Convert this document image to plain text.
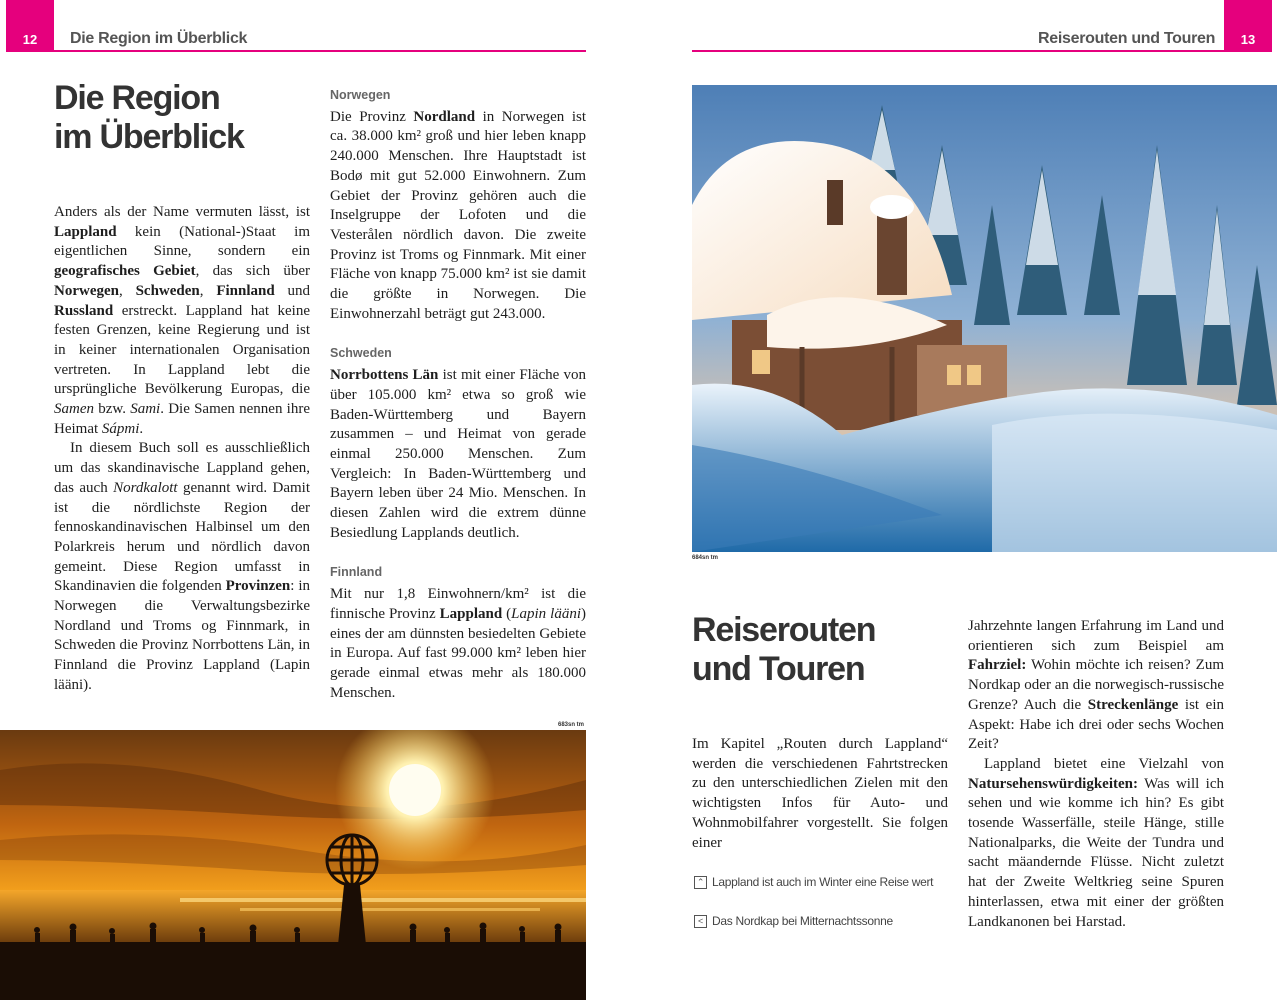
12	Die Region im Überblick
Die Region
im Überblick

Anders als der Name vermuten lässt, ist Lappland kein (National-)Staat im eigentlichen Sinne, sondern ein geografisches Gebiet, das sich über Norwegen, Schweden, Finnland und Russland erstreckt. Lappland hat keine festen Grenzen, keine Regierung und ist in keiner internationalen Organisation vertreten. In Lappland lebt die ursprüngliche Bevölkerung Europas, die Samen bzw. Sami. Die Samen nennen ihre Heimat Sápmi.

In diesem Buch soll es ausschließlich um das skandinavische Lappland gehen, das auch Nordkalott genannt wird. Damit ist die nördlichste Region der fennoskandinavischen Halbinsel um den Polarkreis herum und nördlich davon gemeint. Diese Region umfasst in Skandinavien die folgenden Provinzen: in Norwegen die Verwaltungsbezirke Nordland und Troms og Finnmark, in Schweden die Provinz Norrbottens Län, in Finnland die Provinz Lappland (Lapin lääni).

Norwegen

Die Provinz Nordland in Norwegen ist ca. 38.000 km² groß und hier leben knapp 240.000 Menschen. Ihre Hauptstadt ist Bodø mit gut 52.000 Einwohnern. Zum Gebiet der Provinz gehören auch die Inselgruppe der Lofoten und die Vesterålen nördlich davon. Die zweite Provinz ist Troms og Finnmark. Mit einer Fläche von knapp 75.000 km² ist sie damit die größte in Norwegen. Die Einwohnerzahl beträgt gut 243.000.

Schweden

Norrbottens Län ist mit einer Fläche von über 105.000 km² etwa so groß wie Baden-Württemberg und Bayern zusammen – und Heimat von gerade einmal 250.000 Menschen. Zum Vergleich: In Baden-Württemberg und Bayern leben über 24 Mio. Menschen. In diesen Zahlen wird die extrem dünne Besiedlung Lapplands deutlich.

Finnland

Mit nur 1,8 Einwohnern/km² ist die finnische Provinz Lappland (Lapin lääni) eines der am dünnsten besiedelten Gebiete in Europa. Auf fast 99.000 km² leben hier gerade einmal etwas mehr als 180.000 Menschen.

683sn tm
13
Reiserouten und Touren
684sn tm
Reiserouten
und Touren

Im Kapitel „Routen durch Lappland“ werden die verschiedenen Fahrtstrecken zu den unterschiedlichen Zielen mit den wichtigsten Infos für Auto- und Wohnmobilfahrer vorgestellt. Sie folgen einer

⌃ Lappland ist auch im Winter eine Reise wert
< Das Nordkap bei Mitternachtssonne

Jahrzehnte langen Erfahrung im Land und orientieren sich zum Beispiel am Fahrziel: Wohin möchte ich reisen? Zum Nordkap oder an die norwegisch-russische Grenze? Auch die Streckenlänge ist ein Aspekt: Habe ich drei oder sechs Wochen Zeit?

Lappland bietet eine Vielzahl von Natursehenswürdigkeiten: Was will ich sehen und wie komme ich hin? Es gibt tosende Wasserfälle, steile Hänge, stille Nationalparks, die Weite der Tundra und sacht mäandernde Flüsse. Nicht zuletzt hat der Zweite Weltkrieg seine Spuren hinterlassen, etwa mit einer der größten Landkanonen bei Harstad.
